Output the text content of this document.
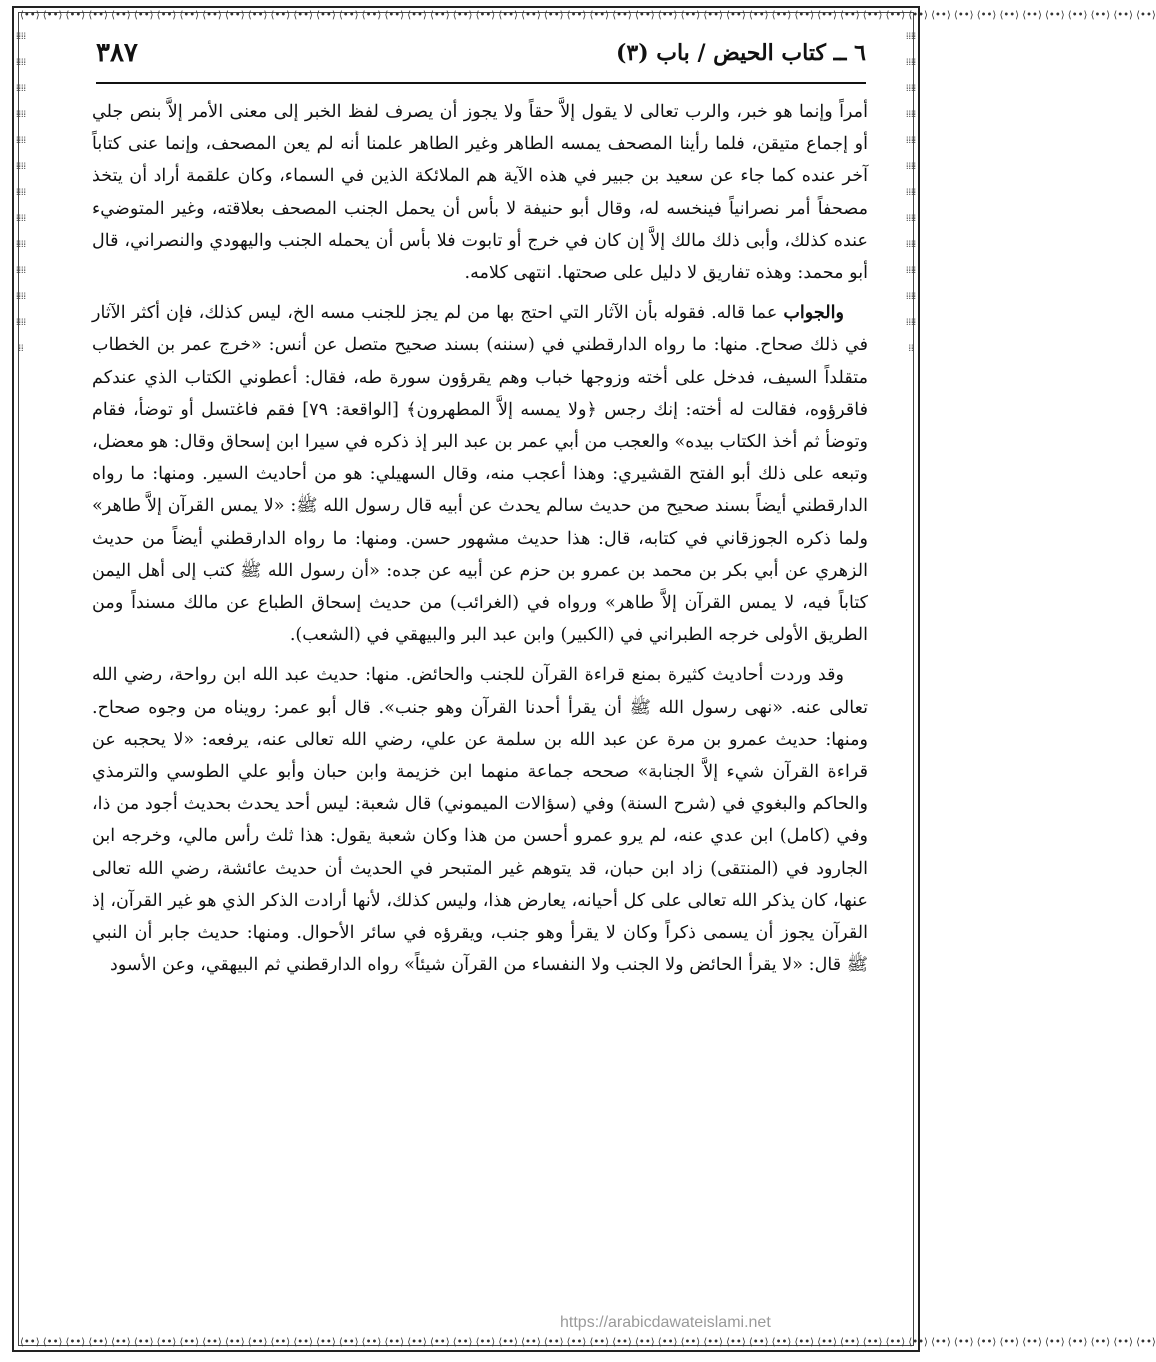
⟨••⟩ ⟨••⟩ ⟨••⟩ ⟨••⟩ ⟨••⟩ ⟨••⟩ ⟨••⟩ ⟨••⟩ ⟨••⟩ ⟨••⟩ ⟨••⟩ ⟨••⟩ ⟨••⟩ ⟨••⟩ ⟨••⟩ ⟨••⟩ ⟨••⟩ ⟨••⟩ ⟨••⟩ ⟨••⟩ ⟨••⟩ ⟨••⟩ ⟨••⟩ ⟨••⟩ ⟨••⟩ ⟨••⟩ ⟨••⟩ ⟨••⟩ ⟨••⟩ ⟨••⟩ ⟨••⟩ ⟨••⟩ ⟨••⟩ ⟨••⟩ ⟨••⟩ ⟨••⟩ ⟨••⟩ ⟨••⟩ ⟨••⟩ ⟨••⟩ ⟨••⟩ ⟨••⟩ ⟨••⟩ ⟨••⟩ ⟨••⟩ ⟨••⟩ ⟨••⟩ ⟨••⟩ ⟨••⟩ ⟨••⟩
⟨••⟩ ⟨••⟩ ⟨••⟩ ⟨••⟩ ⟨••⟩ ⟨••⟩ ⟨••⟩ ⟨••⟩ ⟨••⟩ ⟨••⟩ ⟨••⟩ ⟨••⟩ ⟨••⟩ ⟨••⟩ ⟨••⟩ ⟨••⟩ ⟨••⟩ ⟨••⟩ ⟨••⟩ ⟨••⟩ ⟨••⟩ ⟨••⟩ ⟨••⟩ ⟨••⟩ ⟨••⟩ ⟨••⟩ ⟨••⟩ ⟨••⟩ ⟨••⟩ ⟨••⟩ ⟨••⟩ ⟨••⟩ ⟨••⟩ ⟨••⟩ ⟨••⟩ ⟨••⟩ ⟨••⟩ ⟨••⟩ ⟨••⟩ ⟨••⟩ ⟨••⟩ ⟨••⟩ ⟨••⟩ ⟨••⟩ ⟨••⟩ ⟨••⟩ ⟨••⟩ ⟨••⟩ ⟨••⟩ ⟨••⟩
⁞⁞⁞⁞⁞⁞⁞⁞⁞⁞⁞⁞⁞⁞⁞⁞⁞⁞⁞⁞⁞⁞⁞⁞⁞⁞⁞⁞⁞⁞⁞⁞⁞⁞⁞⁞⁞⁞⁞⁞⁞⁞⁞⁞⁞⁞⁞⁞⁞⁞
⁞⁞⁞⁞⁞⁞⁞⁞⁞⁞⁞⁞⁞⁞⁞⁞⁞⁞⁞⁞⁞⁞⁞⁞⁞⁞⁞⁞⁞⁞⁞⁞⁞⁞⁞⁞⁞⁞⁞⁞⁞⁞⁞⁞⁞⁞⁞⁞⁞⁞
٦ ــ كتاب الحيض / باب (٣)
٣٨٧

أمراً وإنما هو خبر، والرب تعالى لا يقول إلاَّ حقاً ولا يجوز أن يصرف لفظ الخبر إلى معنى الأمر إلاَّ بنص جلي أو إجماع متيقن، فلما رأينا المصحف يمسه الطاهر وغير الطاهر علمنا أنه لم يعن المصحف، وإنما عنى كتاباً آخر عنده كما جاء عن سعيد بن جبير في هذه الآية هم الملائكة الذين في السماء، وكان علقمة أراد أن يتخذ مصحفاً أمر نصرانياً فينخسه له، وقال أبو حنيفة لا بأس أن يحمل الجنب المصحف بعلاقته، وغير المتوضيء عنده كذلك، وأبى ذلك مالك إلاَّ إن كان في خرج أو تابوت فلا بأس أن يحمله الجنب واليهودي والنصراني، قال أبو محمد: وهذه تفاريق لا دليل على صحتها. انتهى كلامه.

والجواب عما قاله. فقوله بأن الآثار التي احتج بها من لم يجز للجنب مسه الخ، ليس كذلك، فإن أكثر الآثار في ذلك صحاح. منها: ما رواه الدارقطني في (سننه) بسند صحيح متصل عن أنس: «خرج عمر بن الخطاب متقلداً السيف، فدخل على أخته وزوجها خباب وهم يقرؤون سورة طه، فقال: أعطوني الكتاب الذي عندكم فاقرؤوه، فقالت له أخته: إنك رجس ﴿ولا يمسه إلاَّ المطهرون﴾ [الواقعة: ٧٩] فقم فاغتسل أو توضأ، فقام وتوضأ ثم أخذ الكتاب بيده» والعجب من أبي عمر بن عبد البر إذ ذكره في سيرا ابن إسحاق وقال: هو معضل، وتبعه على ذلك أبو الفتح القشيري: وهذا أعجب منه، وقال السهيلي: هو من أحاديث السير. ومنها: ما رواه الدارقطني أيضاً بسند صحيح من حديث سالم يحدث عن أبيه قال رسول الله ﷺ: «لا يمس القرآن إلاَّ طاهر» ولما ذكره الجوزقاني في كتابه، قال: هذا حديث مشهور حسن. ومنها: ما رواه الدارقطني أيضاً من حديث الزهري عن أبي بكر بن محمد بن عمرو بن حزم عن أبيه عن جده: «أن رسول الله ﷺ كتب إلى أهل اليمن كتاباً فيه، لا يمس القرآن إلاَّ طاهر» ورواه في (الغرائب) من حديث إسحاق الطباع عن مالك مسنداً ومن الطريق الأولى خرجه الطبراني في (الكبير) وابن عبد البر والبيهقي في (الشعب).

وقد وردت أحاديث كثيرة بمنع قراءة القرآن للجنب والحائض. منها: حديث عبد الله ابن رواحة، رضي الله تعالى عنه. «نهى رسول الله ﷺ أن يقرأ أحدنا القرآن وهو جنب». قال أبو عمر: رويناه من وجوه صحاح. ومنها: حديث عمرو بن مرة عن عبد الله بن سلمة عن علي، رضي الله تعالى عنه، يرفعه: «لا يحجبه عن قراءة القرآن شيء إلاَّ الجنابة» صححه جماعة منهما ابن خزيمة وابن حبان وأبو علي الطوسي والترمذي والحاكم والبغوي في (شرح السنة) وفي (سؤالات الميموني) قال شعبة: ليس أحد يحدث بحديث أجود من ذا، وفي (كامل) ابن عدي عنه، لم يرو عمرو أحسن من هذا وكان شعبة يقول: هذا ثلث رأس مالي، وخرجه ابن الجارود في (المنتقى) زاد ابن حبان، قد يتوهم غير المتبحر في الحديث أن حديث عائشة، رضي الله تعالى عنها، كان يذكر الله تعالى على كل أحيانه، يعارض هذا، وليس كذلك، لأنها أرادت الذكر الذي هو غير القرآن، إذ القرآن يجوز أن يسمى ذكراً وكان لا يقرأ وهو جنب، ويقرؤه في سائر الأحوال. ومنها: حديث جابر أن النبي ﷺ قال: «لا يقرأ الحائض ولا الجنب ولا النفساء من القرآن شيئاً» رواه الدارقطني ثم البيهقي، وعن الأسود

https://arabicdawateislami.net
